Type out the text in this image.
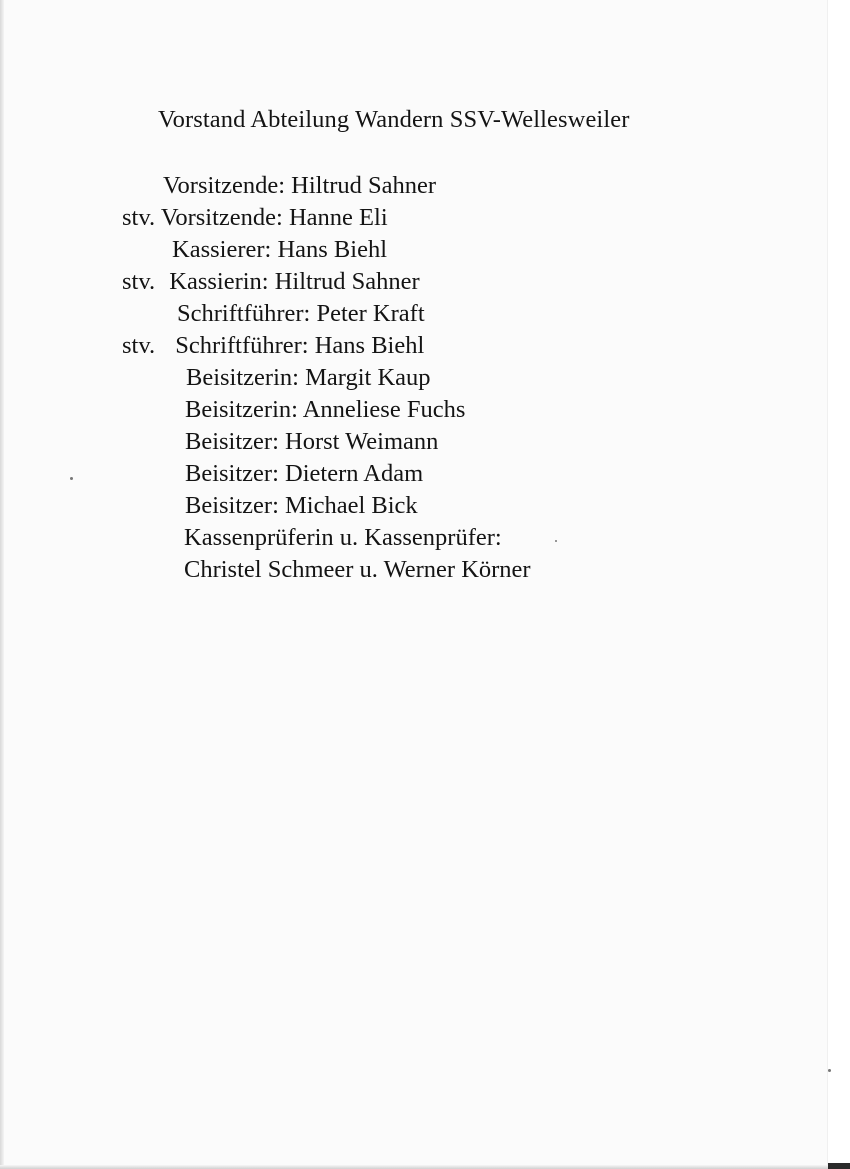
Vorstand Abteilung Wandern SSV-Wellesweiler
Vorsitzende: Hiltrud Sahner
stv. Vorsitzende: Hanne Eli
Kassierer: Hans Biehl
stv. Kassierin: Hiltrud Sahner
Schriftführer: Peter Kraft
stv. Schriftführer: Hans Biehl
Beisitzerin: Margit Kaup
Beisitzerin: Anneliese Fuchs
Beisitzer: Horst Weimann
Beisitzer: Dietern Adam
Beisitzer: Michael Bick
Kassenprüferin u. Kassenprüfer:
Christel Schmeer u. Werner Körner
